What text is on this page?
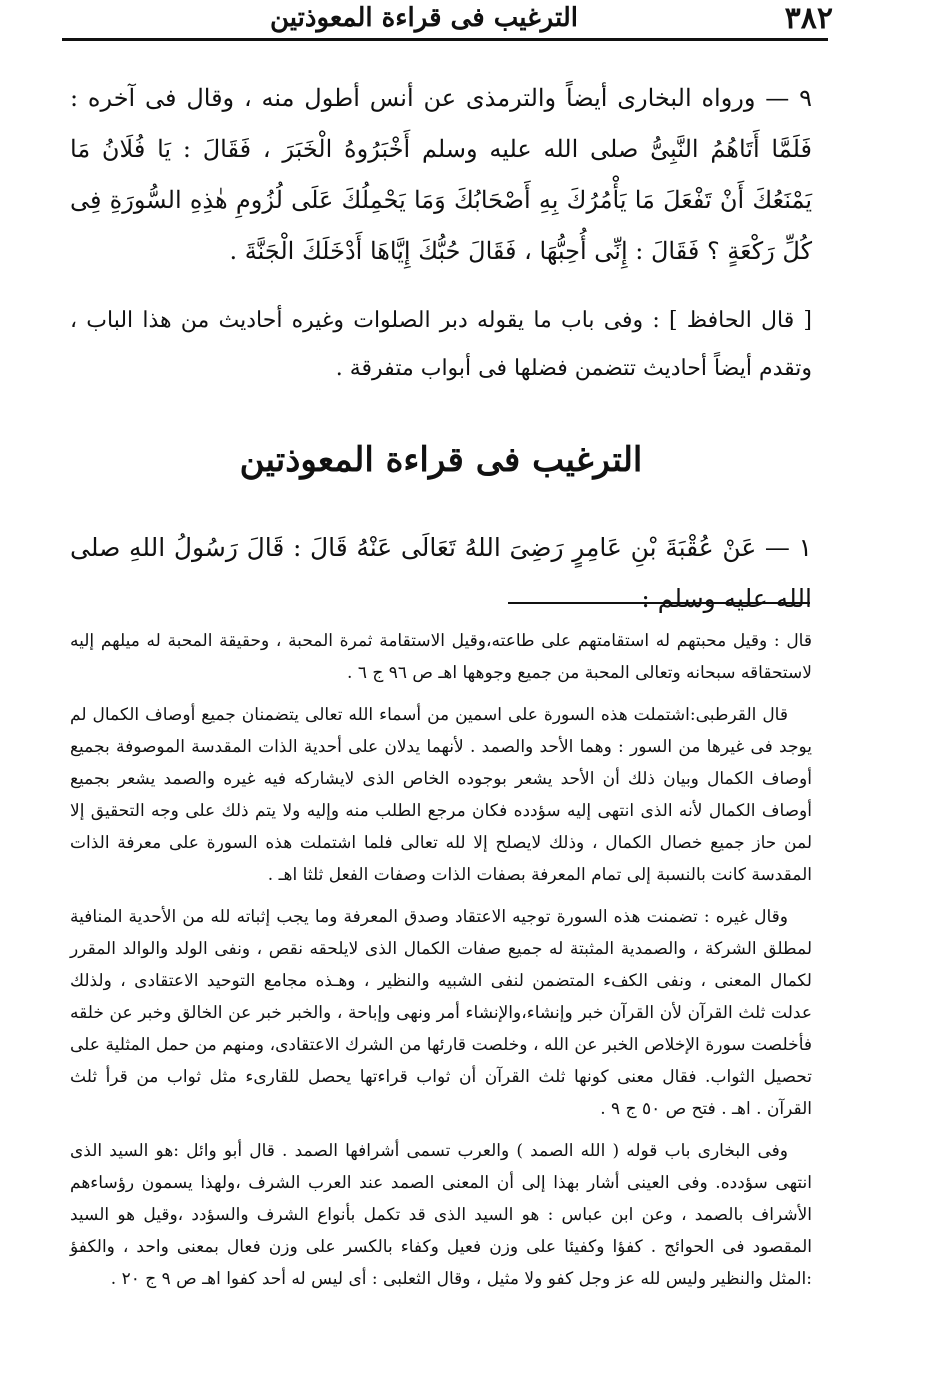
٣٨٢
الترغيب فى قراءة المعوذتين

٩ — ورواه البخارى أيضاً والترمذى عن أنس أطول منه ، وقال فى آخره : فَلَمَّا أَتَاهُمُ النَّبِىُّ صلى الله عليه وسلم أَخْبَرُوهُ الْخَبَرَ ، فَقَالَ : يَا فُلَانُ مَا يَمْنَعُكَ أَنْ تَفْعَلَ مَا يَأْمُرُكَ بِهِ أَصْحَابُكَ وَمَا يَحْمِلُكَ عَلَى لُزُومِ هٰذِهِ السُّورَةِ فِى كُلِّ رَكْعَةٍ ؟ فَقَالَ : إِنِّى أُحِبُّهَا ، فَقَالَ حُبُّكَ إِيَّاهَا أَدْخَلَكَ الْجَنَّةَ .

[ قال الحافظ ] : وفى باب ما يقوله دبر الصلوات وغيره أحاديث من هذا الباب ، وتقدم أيضاً أحاديث تتضمن فضلها فى أبواب متفرقة .

الترغيب فى قراءة المعوذتين

١ — عَنْ عُقْبَةَ بْنِ عَامِرٍ رَضِىَ اللهُ تَعَالَى عَنْهُ قَالَ : قَالَ رَسُولُ اللهِ صلى الله عليه وسلم :

قال : وقيل محبتهم له استقامتهم على طاعته،وقيل الاستقامة ثمرة المحبة ، وحقيقة المحبة له ميلهم إليه لاستحقاقه سبحانه وتعالى المحبة من جميع وجوهها اهـ ص ٩٦ ج ٦ .

قال القرطبى:اشتملت هذه السورة على اسمين من أسماء الله تعالى يتضمنان جميع أوصاف الكمال لم يوجد فى غيرها من السور : وهما الأحد والصمد . لأنهما يدلان على أحدية الذات المقدسة الموصوفة بجميع أوصاف الكمال وبيان ذلك أن الأحد يشعر بوجوده الخاص الذى لايشاركه فيه غيره والصمد يشعر بجميع أوصاف الكمال لأنه الذى انتهى إليه سؤدده فكان مرجع الطلب منه وإليه ولا يتم ذلك على وجه التحقيق إلا لمن حاز جميع خصال الكمال ، وذلك لايصلح إلا لله تعالى فلما اشتملت هذه السورة على معرفة الذات المقدسة كانت بالنسبة إلى تمام المعرفة بصفات الذات وصفات الفعل ثلثا اهـ .

وقال غيره : تضمنت هذه السورة توجيه الاعتقاد وصدق المعرفة وما يجب إثباته لله من الأحدية المنافية لمطلق الشركة ، والصمدية المثبتة له جميع صفات الكمال الذى لايلحقه نقص ، ونفى الولد والوالد المقرر لكمال المعنى ، ونفى الكفء المتضمن لنفى الشبيه والنظير ، وهـذه مجامع التوحيد الاعتقادى ، ولذلك عدلت ثلث القرآن لأن القرآن خبر وإنشاء،والإنشاء أمر ونهى وإباحة ، والخبر خبر عن الخالق وخبر عن خلقه فأخلصت سورة الإخلاص الخبر عن الله ، وخلصت قارئها من الشرك الاعتقادى، ومنهم من حمل المثلية على تحصيل الثواب. فقال معنى كونها ثلث القرآن أن ثواب قراءتها يحصل للقارىء مثل ثواب من قرأ ثلث القرآن . اهـ . فتح ص ٥٠ ج ٩ .

وفى البخارى باب قوله ( الله الصمد ) والعرب تسمى أشرافها الصمد . قال أبو وائل :هو السيد الذى انتهى سؤدده. وفى العينى أشار بهذا إلى أن المعنى الصمد عند العرب الشرف ،ولهذا يسمون رؤساءهم الأشراف بالصمد ، وعن ابن عباس : هو السيد الذى قد تكمل بأنواع الشرف والسؤدد ،وقيل هو السيد المقصود فى الحوائج . كفؤا وكفيئا على وزن فعيل وكفاء بالكسر على وزن فعال بمعنى واحد ، والكفؤ :المثل والنظير وليس لله عز وجل كفو ولا مثيل ، وقال الثعلبى : أى ليس له أحد كفوا اهـ ص ٩ ج ٢٠ .
